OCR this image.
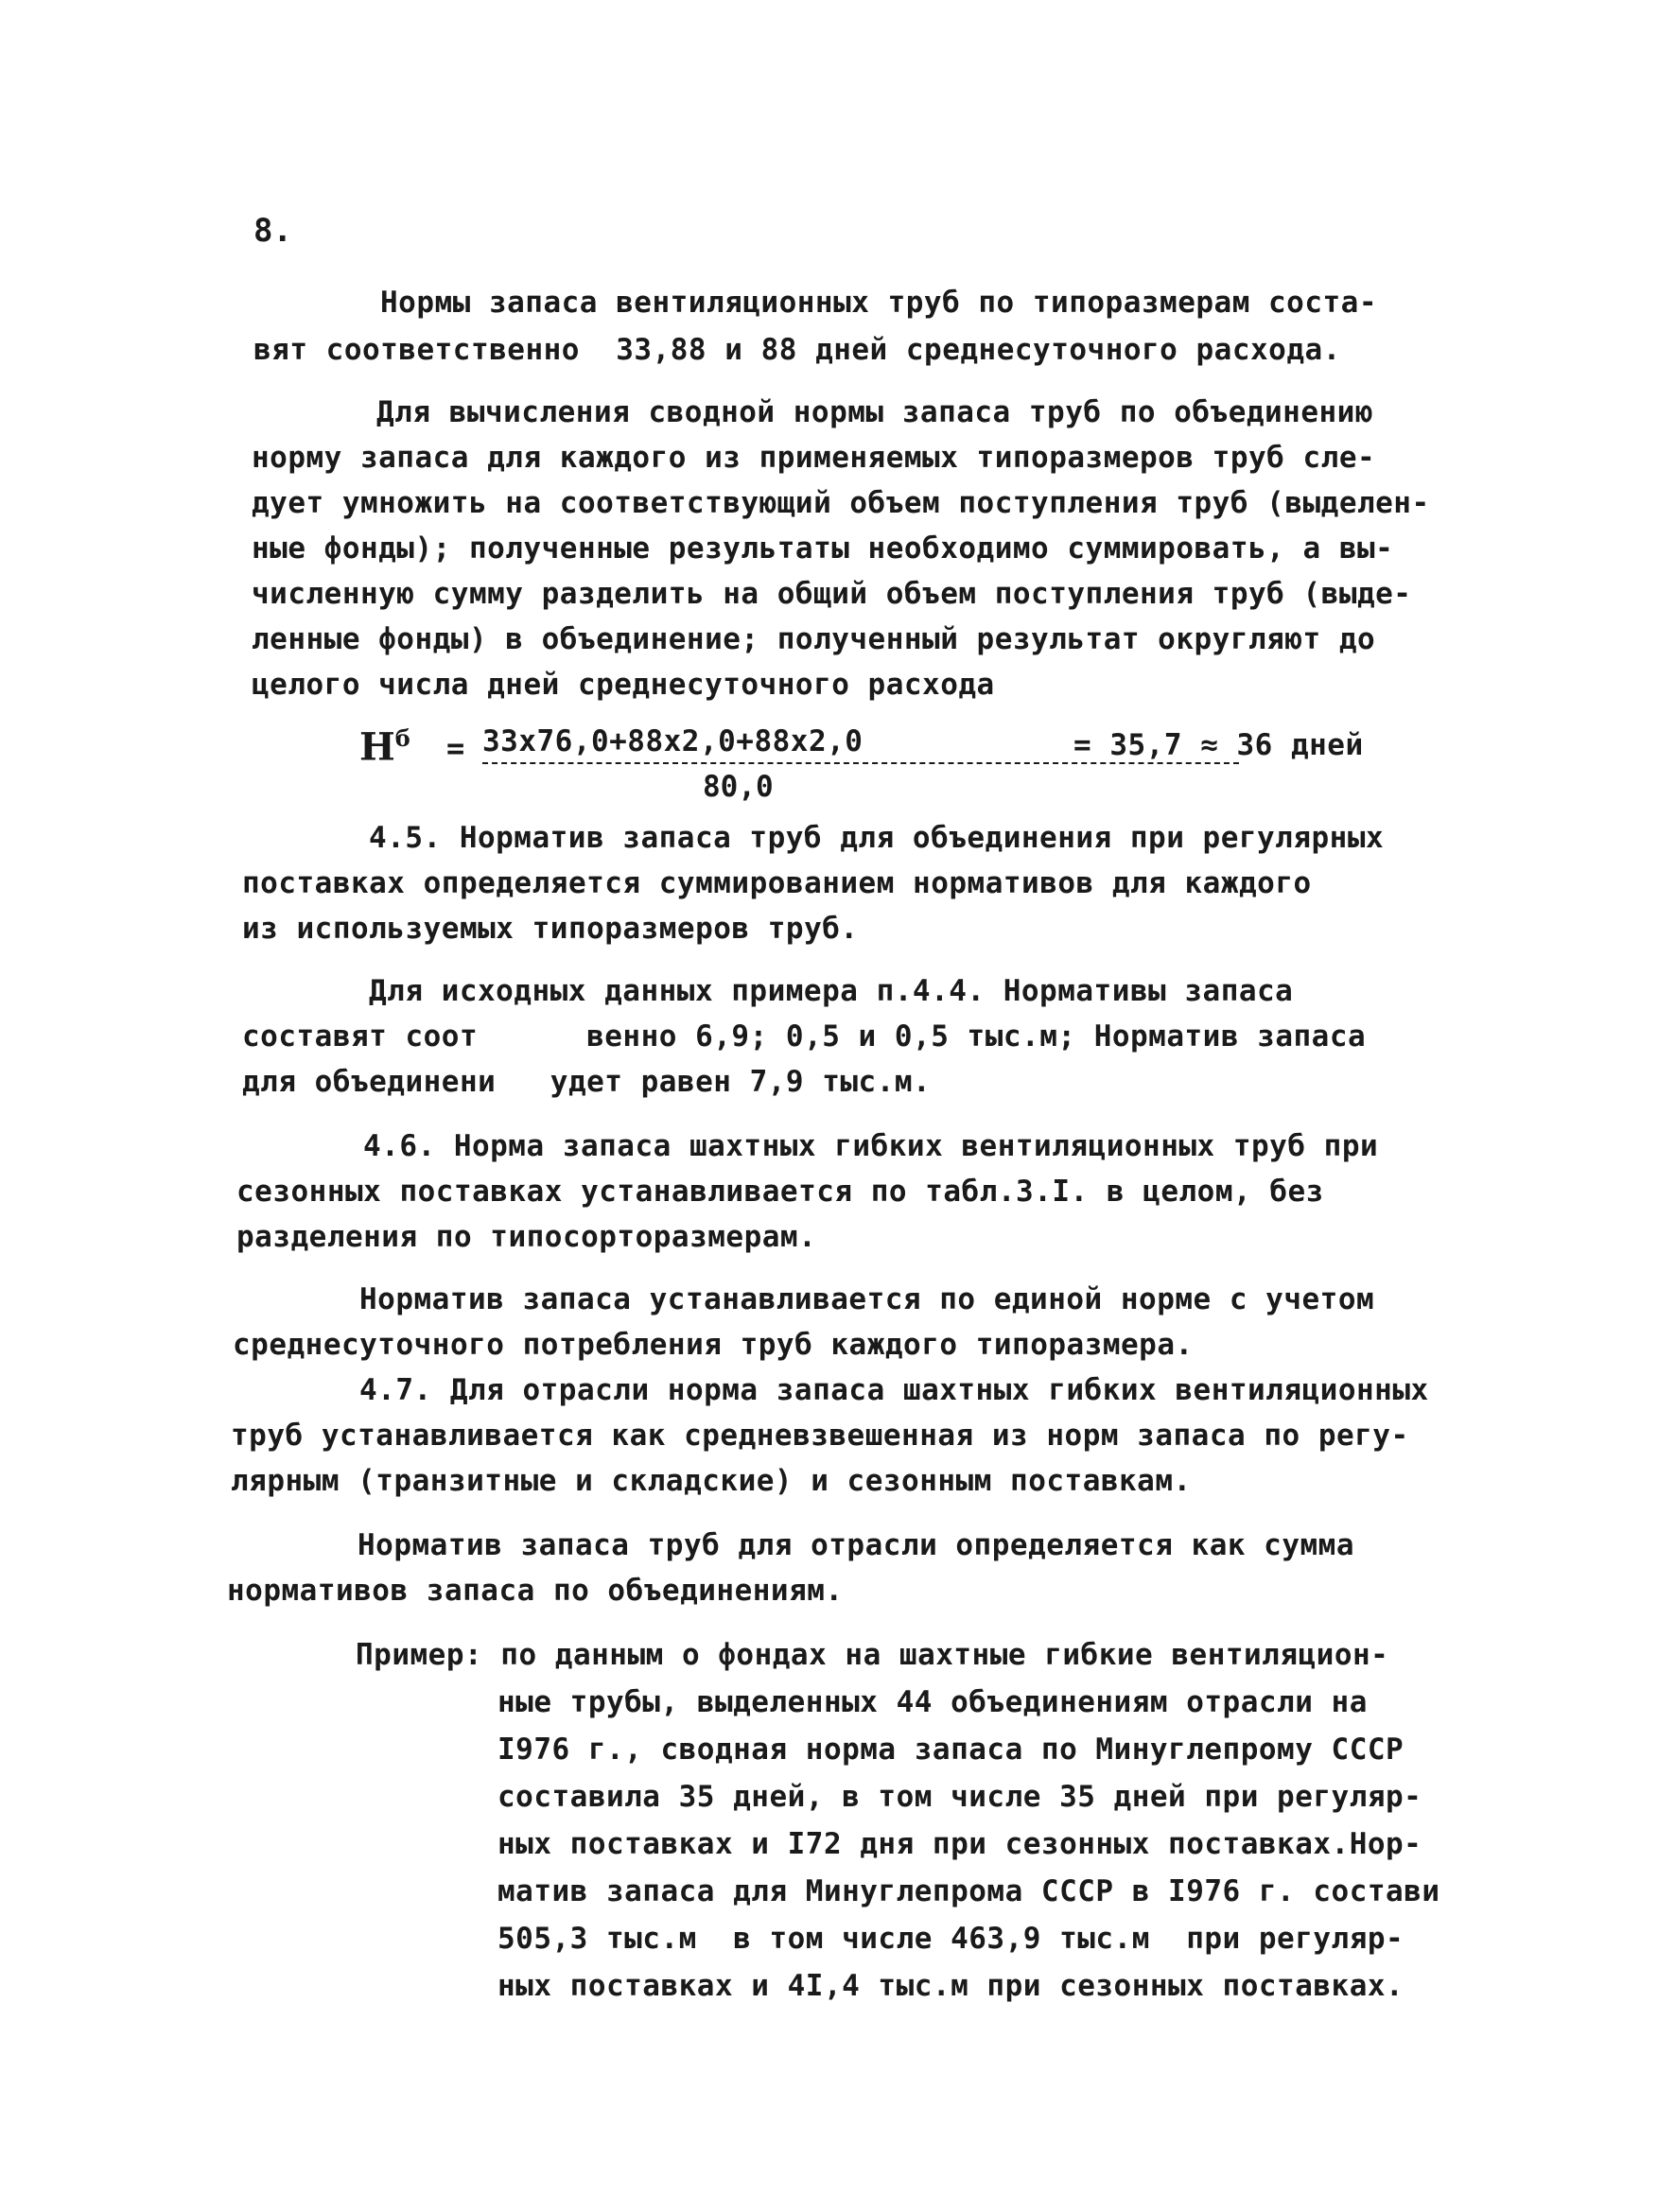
8.
Нормы запаса вентиляционных труб по типоразмерам соста-
вят соответственно  33,88 и 88 дней среднесуточного расхода.
Для вычисления сводной нормы запаса труб по объединению
норму запаса для каждого из применяемых типоразмеров труб сле-
дует умножить на соответствующий объем поступления труб (выделен-
ные фонды); полученные результаты необходимо суммировать, а вы-
численную сумму разделить на общий объем поступления труб (выде-
ленные фонды) в объединение; полученный результат округляют до
целого числа дней среднесуточного расхода
$Н^б = 33х76,0+88х2,0+88х2,0$
80,0
= 35,7 ≈ 36 дней
4.5. Норматив запаса труб для объединения при регулярных
поставках определяется суммированием нормативов для каждого
из используемых типоразмеров труб.
Для исходных данных примера п.4.4. Нормативы запаса
составят соот      венно 6,9; 0,5 и 0,5 тыс.м; Норматив запаса
для объединени   удет равен 7,9 тыс.м.
4.6. Норма запаса шахтных гибких вентиляционных труб при
сезонных поставках устанавливается по табл.3.I. в целом, без
разделения по типосортоpазмерам.
Норматив запаса устанавливается по единой норме с учетом
среднесуточного потребления труб каждого типоразмера.
4.7. Для отрасли норма запаса шахтных гибких вентиляционных
труб устанавливается как средневзвешенная из норм запаса по регу-
лярным (транзитные и складские) и сезонным поставкам.
Норматив запаса труб для отрасли определяется как сумма
нормативов запаса по объединениям.
Пример: по данным о фондах на шахтные гибкие вентиляцион-
ные трубы, выделенных 44 объединениям отрасли на
I976 г., сводная норма запаса по Минуглепрому СССР
составила 35 дней, в том числе 35 дней при регуляр-
ных поставках и I72 дня при сезонных поставках.Нор-
матив запаса для Минуглепрома СССР в I976 г. состави
505,3 тыс.м  в том числе 463,9 тыс.м  при регуляр-
ных поставках и 4I,4 тыс.м при сезонных поставках.
